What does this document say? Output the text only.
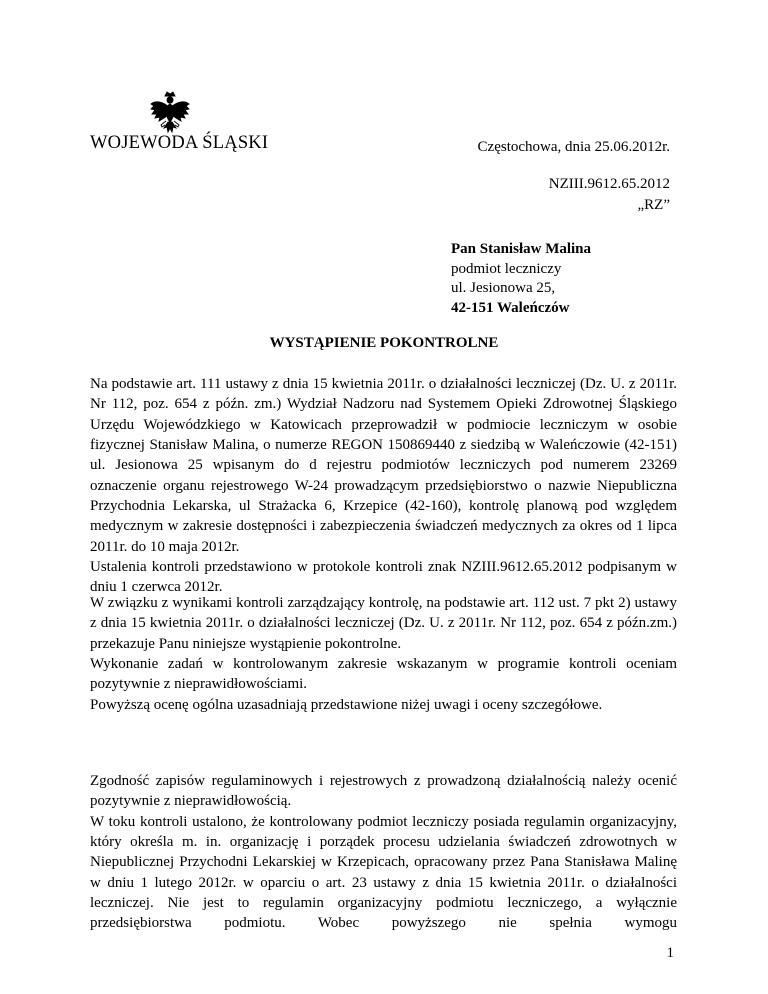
WOJEWODA ŚLĄSKI	Częstochowa, dnia 25.06.2012r.
NZIII.9612.65.2012
„RZ”
Pan Stanisław Malina
podmiot leczniczy
ul. Jesionowa 25,
42-151 Waleńczów
WYSTĄPIENIE POKONTROLNE

Na podstawie art. 111 ustawy z dnia 15 kwietnia 2011r. o działalności leczniczej (Dz. U. z 2011r. Nr 112, poz. 654 z późn. zm.) Wydział Nadzoru nad Systemem Opieki Zdrowotnej Śląskiego Urzędu Wojewódzkiego w Katowicach przeprowadził w podmiocie leczniczym w osobie fizycznej Stanisław Malina, o numerze REGON 150869440 z siedzibą w Waleńczowie (42-151) ul. Jesionowa 25 wpisanym do d rejestru podmiotów leczniczych pod numerem 23269 oznaczenie organu rejestrowego W-24 prowadzącym przedsiębiorstwo o nazwie Niepubliczna Przychodnia Lekarska, ul Strażacka 6, Krzepice (42-160), kontrolę planową pod względem medycznym w zakresie dostępności i zabezpieczenia świadczeń medycznych za okres od 1 lipca 2011r. do 10 maja 2012r.

Ustalenia kontroli przedstawiono w protokole kontroli znak NZIII.9612.65.2012 podpisanym w dniu 1 czerwca 2012r.

W związku z wynikami kontroli zarządzający kontrolę, na podstawie art. 112 ust. 7 pkt 2) ustawy z dnia 15 kwietnia 2011r. o działalności leczniczej (Dz. U. z 2011r. Nr 112, poz. 654 z późn.zm.) przekazuje Panu niniejsze wystąpienie pokontrolne.

Wykonanie zadań w kontrolowanym zakresie wskazanym w programie kontroli oceniam pozytywnie z nieprawidłowościami.

Powyższą ocenę ogólna uzasadniają przedstawione niżej uwagi i oceny szczegółowe.

Zgodność zapisów regulaminowych i rejestrowych z prowadzoną działalnością należy ocenić pozytywnie z nieprawidłowością.

W toku kontroli ustalono, że kontrolowany podmiot leczniczy posiada regulamin organizacyjny, który określa m. in. organizację i porządek procesu udzielania świadczeń zdrowotnych w Niepublicznej Przychodni Lekarskiej w Krzepicach, opracowany przez Pana Stanisława Malinę w dniu 1 lutego 2012r. w oparciu o art. 23 ustawy z dnia 15 kwietnia 2011r. o działalności leczniczej. Nie jest to regulamin organizacyjny podmiotu leczniczego, a wyłącznie przedsiębiorstwa podmiotu. Wobec powyższego nie spełnia wymogu

1
